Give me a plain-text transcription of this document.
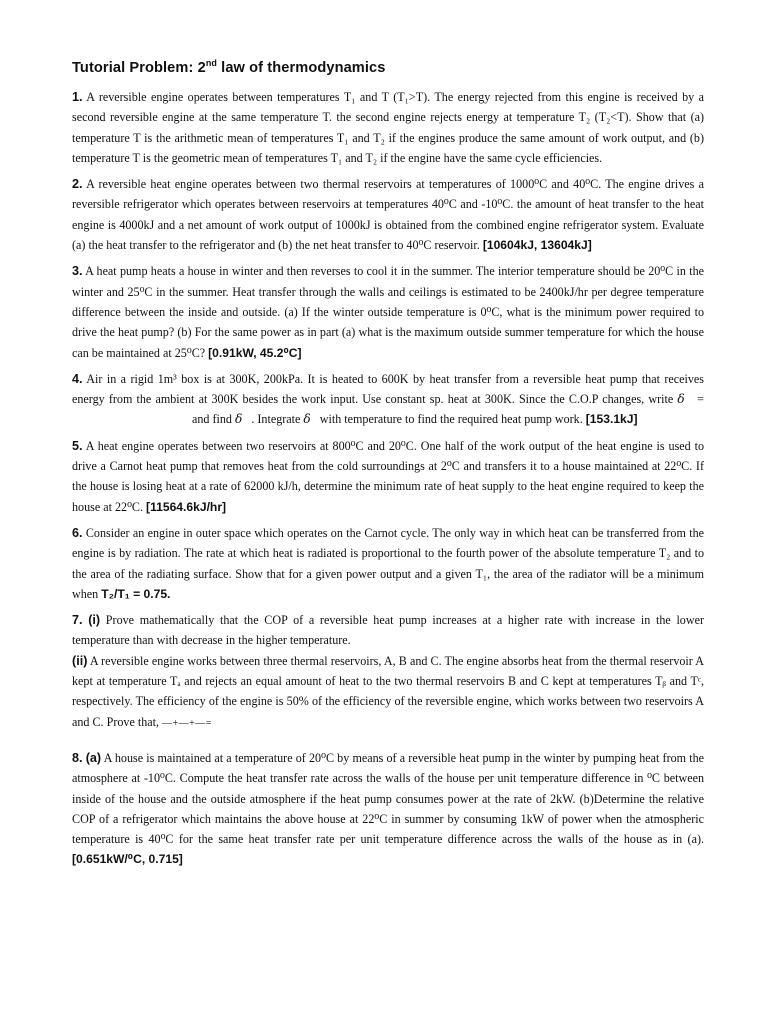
Tutorial Problem: 2nd law of thermodynamics

1. A reversible engine operates between temperatures T₁ and T (T₁>T). The energy rejected from this engine is received by a second reversible engine at the same temperature T. the second engine rejects energy at temperature T₂ (T₂<T). Show that (a) temperature T is the arithmetic mean of temperatures T₁ and T₂ if the engines produce the same amount of work output, and (b) temperature T is the geometric mean of temperatures T₁ and T₂ if the engine have the same cycle efficiencies.

2. A reversible heat engine operates between two thermal reservoirs at temperatures of 1000⁰C and 40⁰C. The engine drives a reversible refrigerator which operates between reservoirs at temperatures 40⁰C and -10⁰C. the amount of heat transfer to the heat engine is 4000kJ and a net amount of work output of 1000kJ is obtained from the combined engine refrigerator system. Evaluate (a) the heat transfer to the refrigerator and (b) the net heat transfer to 40⁰C reservoir. [10604kJ, 13604kJ]

3. A heat pump heats a house in winter and then reverses to cool it in the summer. The interior temperature should be 20⁰C in the winter and 25⁰C in the summer. Heat transfer through the walls and ceilings is estimated to be 2400kJ/hr per degree temperature difference between the inside and outside. (a) If the winter outside temperature is 0⁰C, what is the minimum power required to drive the heat pump? (b) For the same power as in part (a) what is the maximum outside summer temperature for which the house can be maintained at 25⁰C? [0.91kW, 45.2⁰C]

4. Air in a rigid 1m³ box is at 300K, 200kPa. It is heated to 600K by heat transfer from a reversible heat pump that receives energy from the ambient at 300K besides the work input. Use constant sp. heat at 300K. Since the C.O.P changes, write δ =and find δ . Integrate δ with temperature to find the required heat pump work. [153.1kJ]

5. A heat engine operates between two reservoirs at 800⁰C and 20⁰C. One half of the work output of the heat engine is used to drive a Carnot heat pump that removes heat from the cold surroundings at 2⁰C and transfers it to a house maintained at 22⁰C. If the house is losing heat at a rate of 62000 kJ/h, determine the minimum rate of heat supply to the heat engine required to keep the house at 22⁰C. [11564.6kJ/hr]

6. Consider an engine in outer space which operates on the Carnot cycle. The only way in which heat can be transferred from the engine is by radiation. The rate at which heat is radiated is proportional to the fourth power of the absolute temperature T₂ and to the area of the radiating surface. Show that for a given power output and a given T₁, the area of the radiator will be a minimum when T₂/T₁ = 0.75.

7. (i) Prove mathematically that the COP of a reversible heat pump increases at a higher rate with increase in the lower temperature than with decrease in the higher temperature.
(ii) A reversible engine works between three thermal reservoirs, A, B and C. The engine absorbs heat from the thermal reservoir A kept at temperature Tₐ and rejects an equal amount of heat to the two thermal reservoirs B and C kept at temperatures Tᵦ and Tᶜ, respectively. The efficiency of the engine is 50% of the efficiency of the reversible engine, which works between two reservoirs A and C. Prove that, —+—+—=

8. (a) A house is maintained at a temperature of 20⁰C by means of a reversible heat pump in the winter by pumping heat from the atmosphere at -10⁰C. Compute the heat transfer rate across the walls of the house per unit temperature difference in ⁰C between inside of the house and the outside atmosphere if the heat pump consumes power at the rate of 2kW. (b)Determine the relative COP of a refrigerator which maintains the above house at 22⁰C in summer by consuming 1kW of power when the atmospheric temperature is 40⁰C for the same heat transfer rate per unit temperature difference across the walls of the house as in (a). [0.651kW/⁰C, 0.715]
